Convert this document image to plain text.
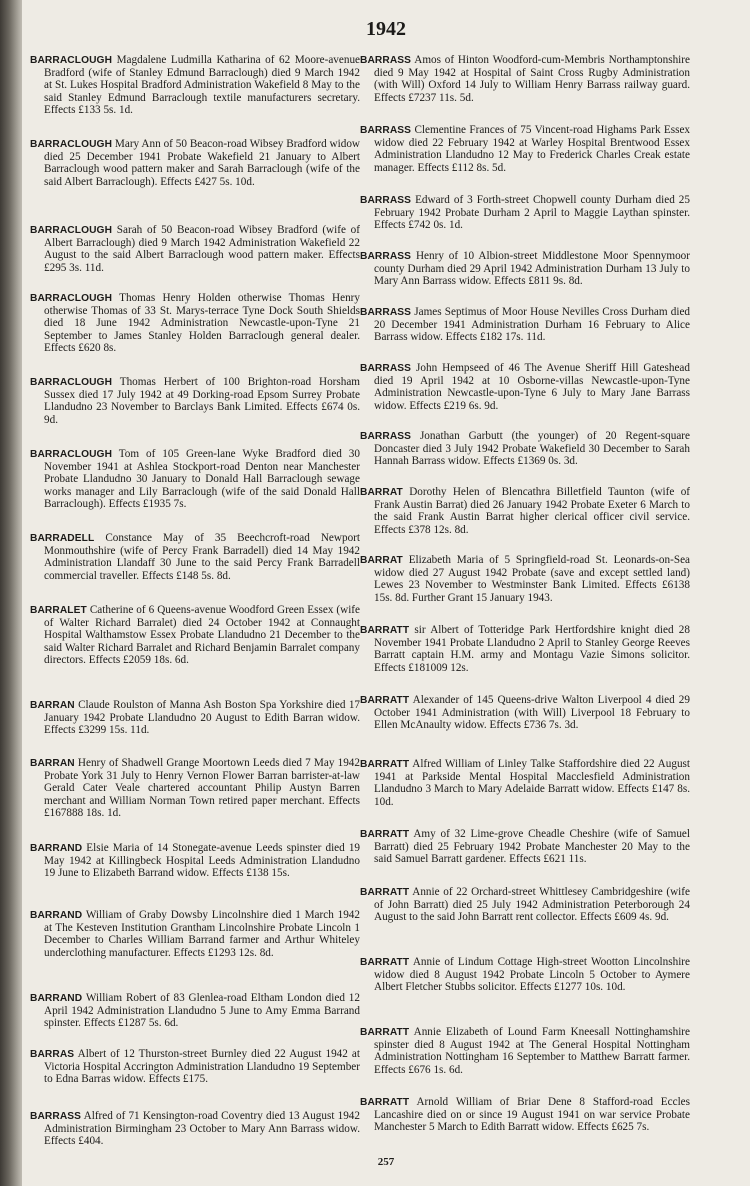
1942
BARRACLOUGH Magdalene Ludmilla Katharina of 62 Moore-avenue Bradford (wife of Stanley Edmund Barraclough) died 9 March 1942 at St. Lukes Hospital Bradford Administration Wakefield 8 May to the said Stanley Edmund Barraclough textile manufacturers secretary. Effects £133 5s. 1d.
BARRACLOUGH Mary Ann of 50 Beacon-road Wibsey Bradford widow died 25 December 1941 Probate Wakefield 21 January to Albert Barraclough wood pattern maker and Sarah Barraclough (wife of the said Albert Barraclough). Effects £427 5s. 10d.
BARRACLOUGH Sarah of 50 Beacon-road Wibsey Bradford (wife of Albert Barraclough) died 9 March 1942 Administration Wakefield 22 August to the said Albert Barraclough wood pattern maker. Effects £295 3s. 11d.
BARRACLOUGH Thomas Henry Holden otherwise Thomas Henry otherwise Thomas of 33 St. Marys-terrace Tyne Dock South Shields died 18 June 1942 Administration Newcastle-upon-Tyne 21 September to James Stanley Holden Barraclough general dealer. Effects £620 8s.
BARRACLOUGH Thomas Herbert of 100 Brighton-road Horsham Sussex died 17 July 1942 at 49 Dorking-road Epsom Surrey Probate Llandudno 23 November to Barclays Bank Limited. Effects £674 0s. 9d.
BARRACLOUGH Tom of 105 Green-lane Wyke Bradford died 30 November 1941 at Ashlea Stockport-road Denton near Manchester Probate Llandudno 30 January to Donald Hall Barraclough sewage works manager and Lily Barraclough (wife of the said Donald Hall Barraclough). Effects £1935 7s.
BARRADELL Constance May of 35 Beechcroft-road Newport Monmouthshire (wife of Percy Frank Barradell) died 14 May 1942 Administration Llandaff 30 June to the said Percy Frank Barradell commercial traveller. Effects £148 5s. 8d.
BARRALET Catherine of 6 Queens-avenue Woodford Green Essex (wife of Walter Richard Barralet) died 24 October 1942 at Connaught Hospital Walthamstow Essex Probate Llandudno 21 December to the said Walter Richard Barralet and Richard Benjamin Barralet company directors. Effects £2059 18s. 6d.
BARRAN Claude Roulston of Manna Ash Boston Spa Yorkshire died 17 January 1942 Probate Llandudno 20 August to Edith Barran widow. Effects £3299 15s. 11d.
BARRAN Henry of Shadwell Grange Moortown Leeds died 7 May 1942 Probate York 31 July to Henry Vernon Flower Barran barrister-at-law Gerald Cater Veale chartered accountant Philip Austyn Barren merchant and William Norman Town retired paper merchant. Effects £167888 18s. 1d.
BARRAND Elsie Maria of 14 Stonegate-avenue Leeds spinster died 19 May 1942 at Killingbeck Hospital Leeds Administration Llandudno 19 June to Elizabeth Barrand widow. Effects £138 15s.
BARRAND William of Graby Dowsby Lincolnshire died 1 March 1942 at The Kesteven Institution Grantham Lincolnshire Probate Lincoln 1 December to Charles William Barrand farmer and Arthur Whiteley underclothing manufacturer. Effects £1293 12s. 8d.
BARRAND William Robert of 83 Glenlea-road Eltham London died 12 April 1942 Administration Llandudno 5 June to Amy Emma Barrand spinster. Effects £1287 5s. 6d.
BARRAS Albert of 12 Thurston-street Burnley died 22 August 1942 at Victoria Hospital Accrington Administration Llandudno 19 September to Edna Barras widow. Effects £175.
BARRASS Alfred of 71 Kensington-road Coventry died 13 August 1942 Administration Birmingham 23 October to Mary Ann Barrass widow. Effects £404.
BARRASS Amos of Hinton Woodford-cum-Membris Northamptonshire died 9 May 1942 at Hospital of Saint Cross Rugby Administration (with Will) Oxford 14 July to William Henry Barrass railway guard. Effects £7237 11s. 5d.
BARRASS Clementine Frances of 75 Vincent-road Highams Park Essex widow died 22 February 1942 at Warley Hospital Brentwood Essex Administration Llandudno 12 May to Frederick Charles Creak estate manager. Effects £112 8s. 5d.
BARRASS Edward of 3 Forth-street Chopwell county Durham died 25 February 1942 Probate Durham 2 April to Maggie Laythan spinster. Effects £742 0s. 1d.
BARRASS Henry of 10 Albion-street Middlestone Moor Spennymoor county Durham died 29 April 1942 Administration Durham 13 July to Mary Ann Barrass widow. Effects £811 9s. 8d.
BARRASS James Septimus of Moor House Nevilles Cross Durham died 20 December 1941 Administration Durham 16 February to Alice Barrass widow. Effects £182 17s. 11d.
BARRASS John Hempseed of 46 The Avenue Sheriff Hill Gateshead died 19 April 1942 at 10 Osborne-villas Newcastle-upon-Tyne Administration Newcastle-upon-Tyne 6 July to Mary Jane Barrass widow. Effects £219 6s. 9d.
BARRASS Jonathan Garbutt (the younger) of 20 Regent-square Doncaster died 3 July 1942 Probate Wakefield 30 December to Sarah Hannah Barrass widow. Effects £1369 0s. 3d.
BARRAT Dorothy Helen of Blencathra Billetfield Taunton (wife of Frank Austin Barrat) died 26 January 1942 Probate Exeter 6 March to the said Frank Austin Barrat higher clerical officer civil service. Effects £378 12s. 8d.
BARRAT Elizabeth Maria of 5 Springfield-road St. Leonards-on-Sea widow died 27 August 1942 Probate (save and except settled land) Lewes 23 November to Westminster Bank Limited. Effects £6138 15s. 8d. Further Grant 15 January 1943.
BARRATT sir Albert of Totteridge Park Hertfordshire knight died 28 November 1941 Probate Llandudno 2 April to Stanley George Reeves Barratt captain H.M. army and Montagu Vazie Simons solicitor. Effects £181009 12s.
BARRATT Alexander of 145 Queens-drive Walton Liverpool 4 died 29 October 1941 Administration (with Will) Liverpool 18 February to Ellen McAnaulty widow. Effects £736 7s. 3d.
BARRATT Alfred William of Linley Talke Staffordshire died 22 August 1941 at Parkside Mental Hospital Macclesfield Administration Llandudno 3 March to Mary Adelaide Barratt widow. Effects £147 8s. 10d.
BARRATT Amy of 32 Lime-grove Cheadle Cheshire (wife of Samuel Barratt) died 25 February 1942 Probate Manchester 20 May to the said Samuel Barratt gardener. Effects £621 11s.
BARRATT Annie of 22 Orchard-street Whittlesey Cambridgeshire (wife of John Barratt) died 25 July 1942 Administration Peterborough 24 August to the said John Barratt rent collector. Effects £609 4s. 9d.
BARRATT Annie of Lindum Cottage High-street Wootton Lincolnshire widow died 8 August 1942 Probate Lincoln 5 October to Aymere Albert Fletcher Stubbs solicitor. Effects £1277 10s. 10d.
BARRATT Annie Elizabeth of Lound Farm Kneesall Nottinghamshire spinster died 8 August 1942 at The General Hospital Nottingham Administration Nottingham 16 September to Matthew Barratt farmer. Effects £676 1s. 6d.
BARRATT Arnold William of Briar Dene 8 Stafford-road Eccles Lancashire died on or since 19 August 1941 on war service Probate Manchester 5 March to Edith Barratt widow. Effects £625 7s.
257
